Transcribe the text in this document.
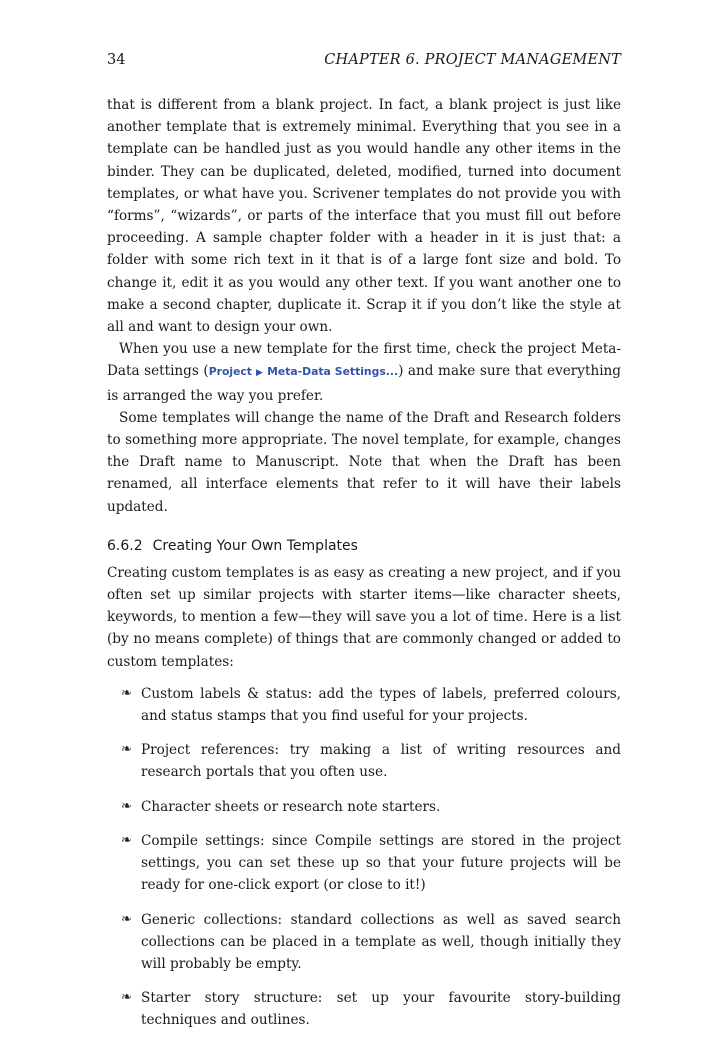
34	CHAPTER 6. PROJECT MANAGEMENT

that is different from a blank project. In fact, a blank project is just like another template that is extremely minimal. Everything that you see in a template can be handled just as you would handle any other items in the binder. They can be duplicated, deleted, modified, turned into document templates, or what have you. Scrivener templates do not provide you with “forms”, “wizards”, or parts of the interface that you must fill out before proceeding. A sample chapter folder with a header in it is just that: a folder with some rich text in it that is of a large font size and bold. To change it, edit it as you would any other text. If you want another one to make a second chapter, duplicate it. Scrap it if you don’t like the style at all and want to design your own.

When you use a new template for the first time, check the project Meta-Data settings (Project ▶ Meta-Data Settings...) and make sure that everything is arranged the way you prefer.

Some templates will change the name of the Draft and Research folders to something more appropriate. The novel template, for example, changes the Draft name to Manuscript. Note that when the Draft has been renamed, all interface elements that refer to it will have their labels updated.

6.6.2 Creating Your Own Templates

Creating custom templates is as easy as creating a new project, and if you often set up similar projects with starter items—like character sheets, keywords, to mention a few—they will save you a lot of time. Here is a list (by no means complete) of things that are commonly changed or added to custom templates:

❧ Custom labels & status: add the types of labels, preferred colours, and status stamps that you find useful for your projects.
❧ Project references: try making a list of writing resources and research portals that you often use.
❧ Character sheets or research note starters.
❧ Compile settings: since Compile settings are stored in the project settings, you can set these up so that your future projects will be ready for one-click export (or close to it!)
❧ Generic collections: standard collections as well as saved search collections can be placed in a template as well, though initially they will probably be empty.
❧ Starter story structure: set up your favourite story-building techniques and outlines.
